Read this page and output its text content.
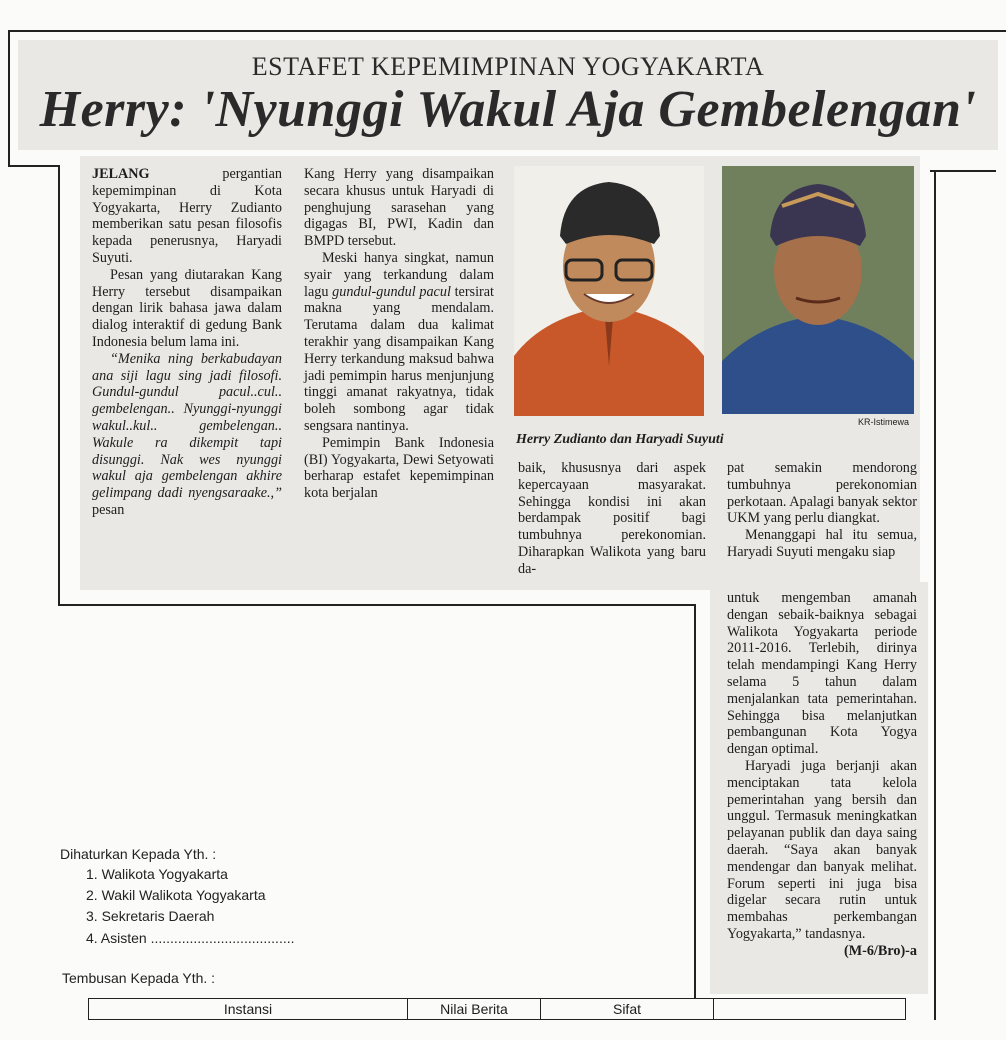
ESTAFET KEPEMIMPINAN YOGYAKARTA
Herry: 'Nyunggi Wakul Aja Gembelengan'

JELANG pergantian kepemimpinan di Kota Yogyakarta, Herry Zudianto memberikan satu pesan filosofis kepada penerusnya, Haryadi Suyuti.

Pesan yang diutarakan Kang Herry tersebut disampaikan dengan lirik bahasa jawa dalam dialog interaktif di gedung Bank Indonesia belum lama ini.

“Menika ning berkabudayan ana siji lagu sing jadi filosofi. Gundul-gundul pacul..cul.. gembelengan.. Nyunggi-nyunggi wakul..kul.. gembelengan.. Wakule ra dikempit tapi disunggi. Nak wes nyunggi wakul aja gembelengan akhire gelimpang dadi nyengsaraake.,” pesan

Kang Herry yang disampaikan secara khusus untuk Haryadi di penghujung sarasehan yang digagas BI, PWI, Kadin dan BMPD tersebut.

Meski hanya singkat, namun syair yang terkandung dalam lagu gundul-gundul pacul tersirat makna yang mendalam. Terutama dalam dua kalimat terakhir yang disampaikan Kang Herry terkandung maksud bahwa jadi pemimpin harus menjunjung tinggi amanat rakyatnya, tidak boleh sombong agar tidak sengsara nantinya.

Pemimpin Bank Indonesia (BI) Yogyakarta, Dewi Setyowati berharap estafet kepemimpinan kota berjalan

KR-Istimewa
Herry Zudianto dan Haryadi Suyuti

baik, khususnya dari aspek kepercayaan masyarakat. Sehingga kondisi ini akan berdampak positif bagi tumbuhnya perekonomian. Diharapkan Walikota yang baru da-

pat semakin mendorong tumbuhnya perekonomian perkotaan. Apalagi banyak sektor UKM yang perlu diangkat.

Menanggapi hal itu semua, Haryadi Suyuti mengaku siap

untuk mengemban amanah dengan sebaik-baiknya sebagai Walikota Yogyakarta periode 2011-2016. Terlebih, dirinya telah mendampingi Kang Herry selama 5 tahun dalam menjalankan tata pemerintahan. Sehingga bisa melanjutkan pembangunan Kota Yogya dengan optimal.

Haryadi juga berjanji akan menciptakan tata kelola pemerintahan yang bersih dan unggul. Termasuk meningkatkan pelayanan publik dan daya saing daerah. “Saya akan banyak mendengar dan banyak melihat. Forum seperti ini juga bisa digelar secara rutin untuk membahas perkembangan Yogyakarta,” tandasnya.
(M-6/Bro)-a

Dihaturkan Kepada Yth. :
1. Walikota Yogyakarta
2. Wakil Walikota Yogyakarta
3. Sekretaris Daerah
4. Asisten .....................................
Tembusan Kepada Yth. :
Instansi	Nilai Berita	Sifat	
